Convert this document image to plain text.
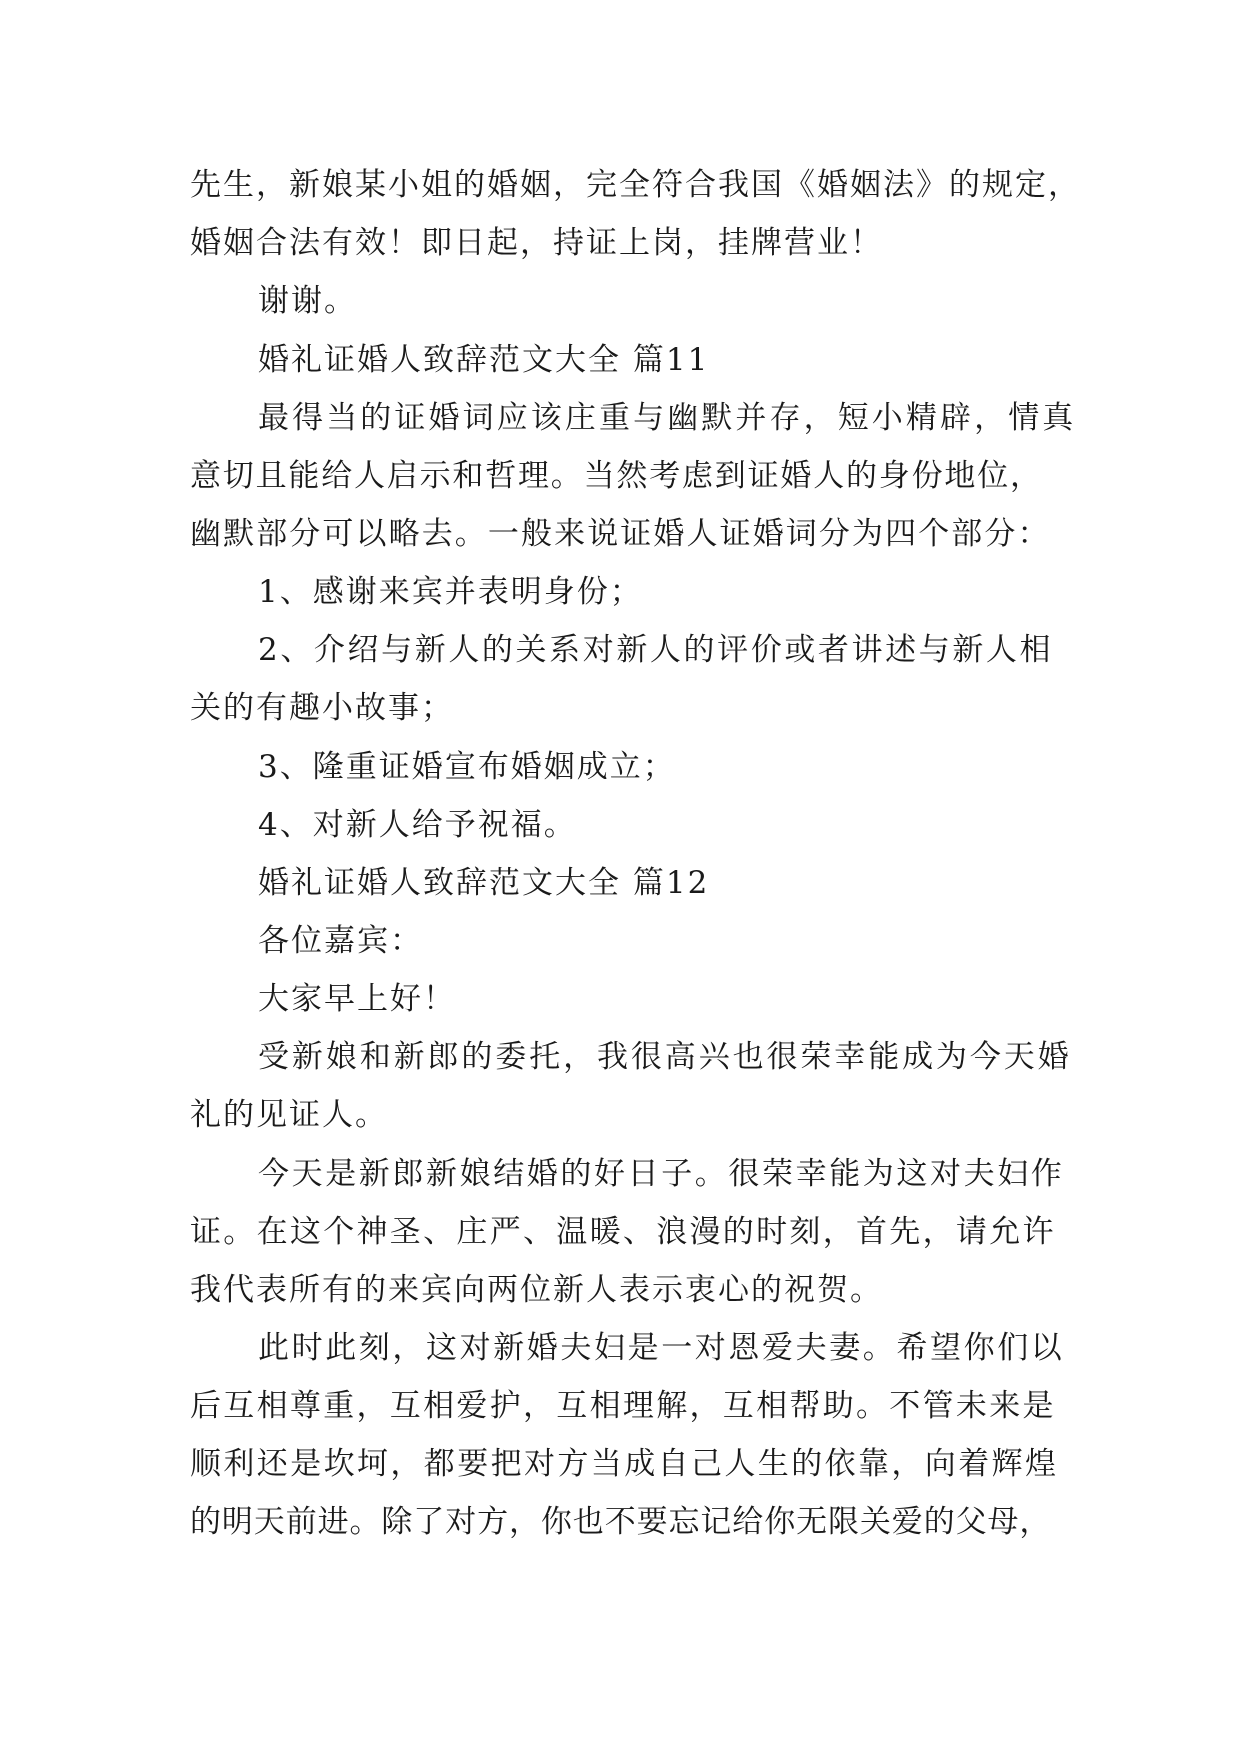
先生，新娘某小姐的婚姻，完全符合我国《婚姻法》的规定，
婚姻合法有效！即日起，持证上岗，挂牌营业！
谢谢。
婚礼证婚人致辞范文大全 篇11
最得当的证婚词应该庄重与幽默并存，短小精辟，情真
意切且能给人启示和哲理。当然考虑到证婚人的身份地位，
幽默部分可以略去。一般来说证婚人证婚词分为四个部分：
1、感谢来宾并表明身份；
2、介绍与新人的关系对新人的评价或者讲述与新人相
关的有趣小故事；
3、隆重证婚宣布婚姻成立；
4、对新人给予祝福。
婚礼证婚人致辞范文大全 篇12
各位嘉宾：
大家早上好！
受新娘和新郎的委托，我很高兴也很荣幸能成为今天婚
礼的见证人。
今天是新郎新娘结婚的好日子。很荣幸能为这对夫妇作
证。在这个神圣、庄严、温暖、浪漫的时刻，首先，请允许
我代表所有的来宾向两位新人表示衷心的祝贺。
此时此刻，这对新婚夫妇是一对恩爱夫妻。希望你们以
后互相尊重，互相爱护，互相理解，互相帮助。不管未来是
顺利还是坎坷，都要把对方当成自己人生的依靠，向着辉煌
的明天前进。除了对方，你也不要忘记给你无限关爱的父母，
